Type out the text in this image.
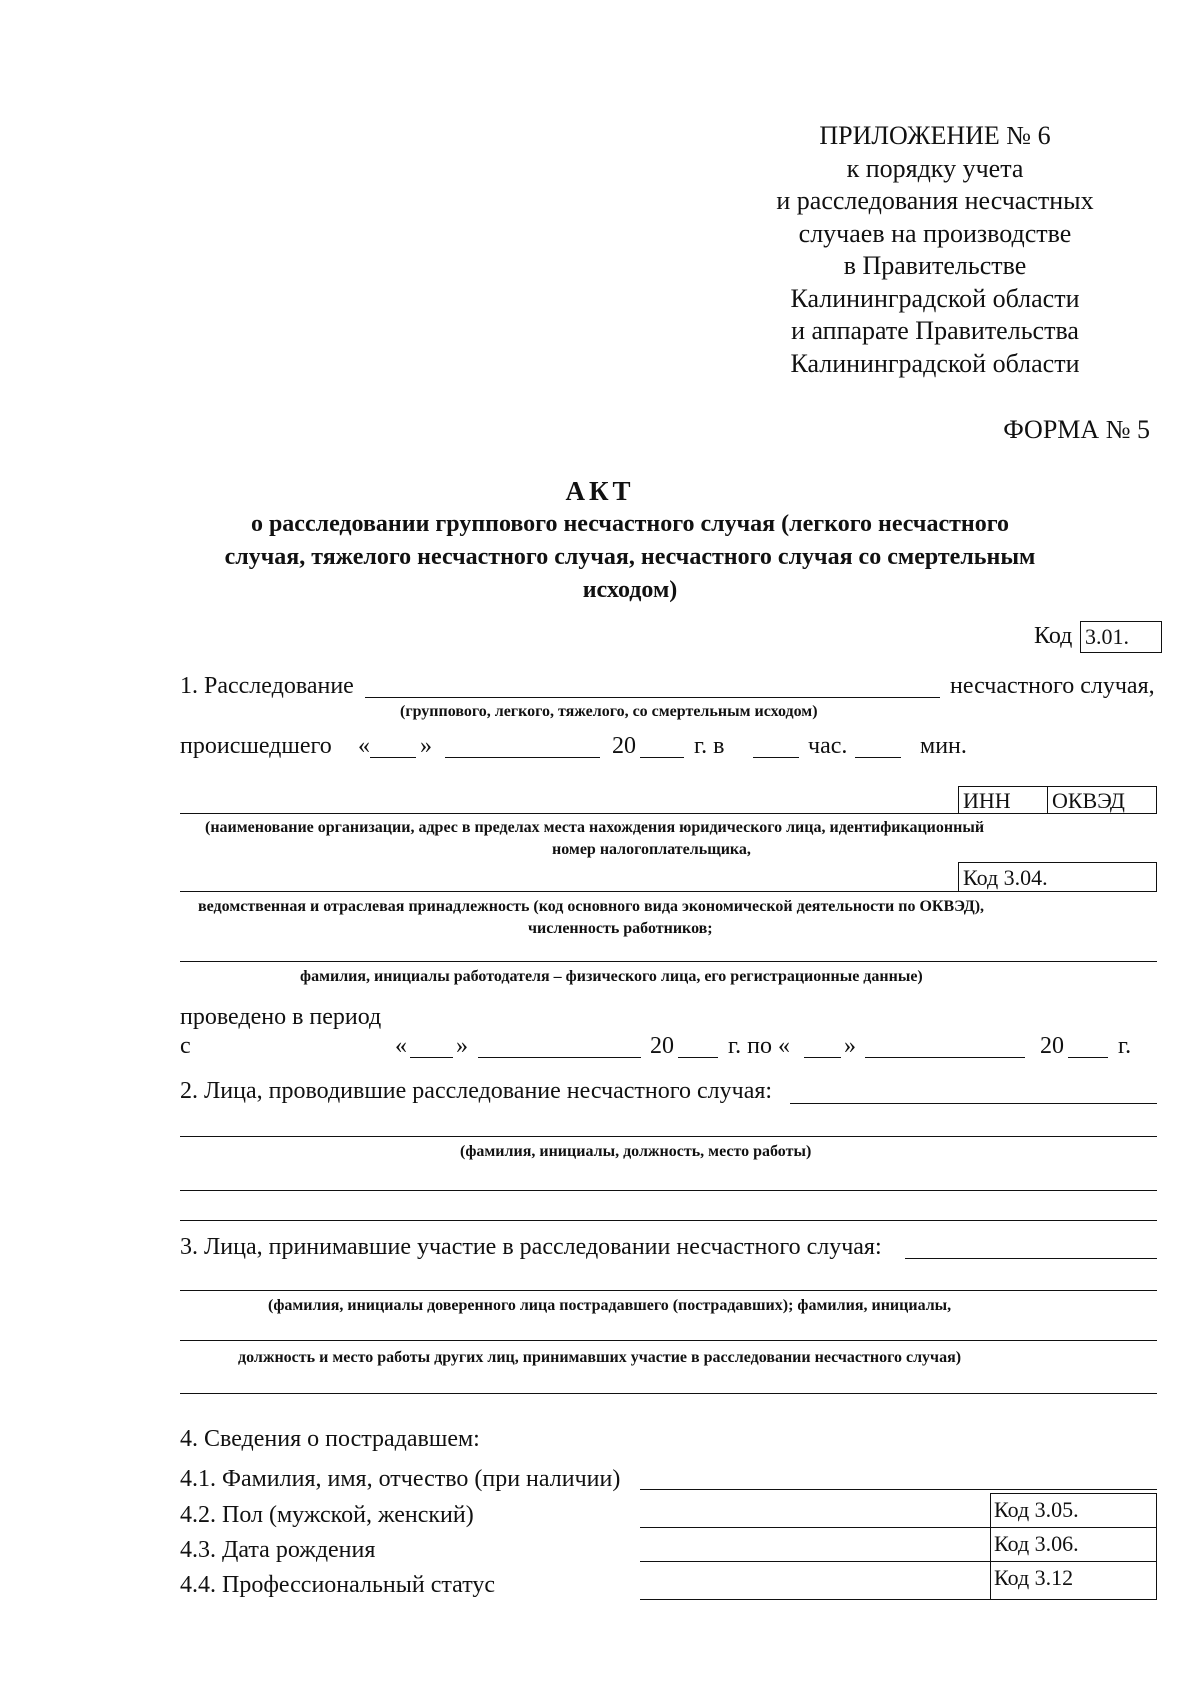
ПРИЛОЖЕНИЕ № 6
к порядку учета
и расследования несчастных
случаев на производстве
в Правительстве
Калининградской области
и аппарате Правительства
Калининградской области
ФОРМА № 5
АКТ
о расследовании группового несчастного случая (легкого несчастного
случая, тяжелого несчастного случая, несчастного случая со смертельным
исходом)
Код 3.01.
1. Расследование	несчастного случая,
(группового, легкого, тяжелого, со смертельным исходом)
происшедшего « »	20 г. в	час.	мин.
ИНН	ОКВЭД
(наименование организации, адрес в пределах места нахождения юридического лица, идентификационный
номер налогоплательщика,
Код 3.04.
ведомственная и отраслевая принадлежность (код основного вида экономической деятельности по ОКВЭД),
численность работников;
фамилия, инициалы работодателя – физического лица, его регистрационные данные)
проведено в период
с	« »	20 г. по « »	20 г.
2. Лица, проводившие расследование несчастного случая:
(фамилия, инициалы, должность, место работы)
3. Лица, принимавшие участие в расследовании несчастного случая:
(фамилия, инициалы доверенного лица пострадавшего (пострадавших); фамилия, инициалы,
должность и место работы других лиц, принимавших участие в расследовании несчастного случая)
4. Сведения о пострадавшем:
4.1. Фамилия, имя, отчество (при наличии)
4.2. Пол (мужской, женский)	Код 3.05.
4.3. Дата рождения	Код 3.06.
4.4. Профессиональный статус	Код 3.12
